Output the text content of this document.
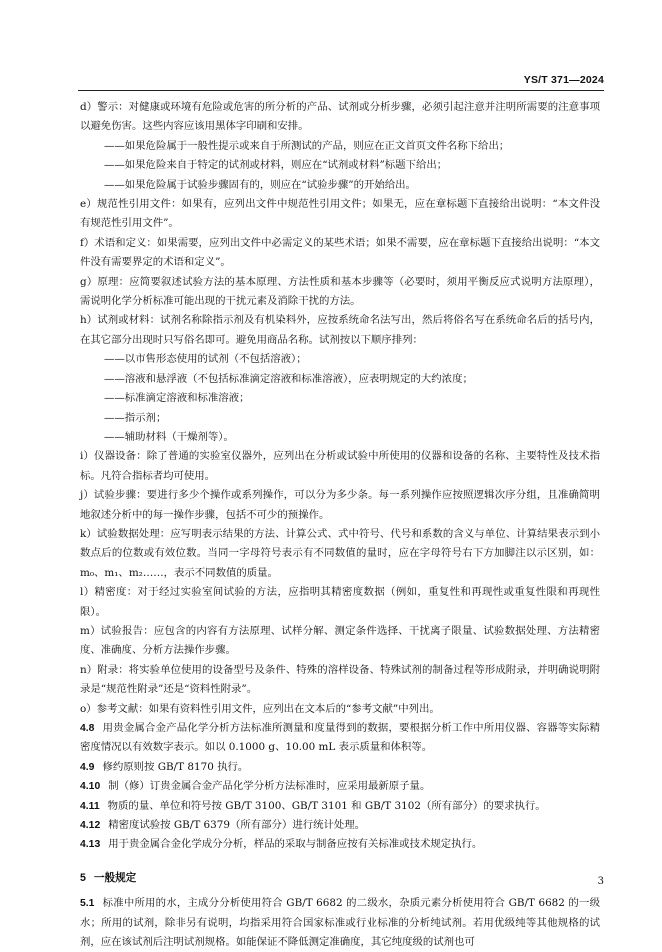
YS/T 371—2024

d）警示：对健康或环境有危险或危害的所分析的产品、试剂或分析步骤，必须引起注意并注明所需要的注意事项以避免伤害。这些内容应该用黑体字印刷和安排。

——如果危险属于一般性提示或来自于所测试的产品，则应在正文首页文件名称下给出；

——如果危险来自于特定的试剂或材料，则应在“试剂或材料”标题下给出；

——如果危险属于试验步骤固有的，则应在“试验步骤”的开始给出。

e）规范性引用文件：如果有，应列出文件中规范性引用文件；如果无，应在章标题下直接给出说明：“本文件没有规范性引用文件”。

f）术语和定义：如果需要，应列出文件中必需定义的某些术语；如果不需要，应在章标题下直接给出说明：“本文件没有需要界定的术语和定义”。

g）原理：应简要叙述试验方法的基本原理、方法性质和基本步骤等（必要时，须用平衡反应式说明方法原理），需说明化学分析标准可能出现的干扰元素及消除干扰的方法。

h）试剂或材料：试剂名称除指示剂及有机染料外，应按系统命名法写出，然后将俗名写在系统命名后的括号内，在其它部分出现时只写俗名即可。避免用商品名称。试剂按以下顺序排列：

——以市售形态使用的试剂（不包括溶液）；

——溶液和悬浮液（不包括标准滴定溶液和标准溶液），应表明规定的大约浓度；

——标准滴定溶液和标准溶液；

——指示剂；

——辅助材料（干燥剂等）。

i）仪器设备：除了普通的实验室仪器外，应列出在分析或试验中所使用的仪器和设备的名称、主要特性及技术指标。凡符合指标者均可使用。

j）试验步骤：要进行多少个操作或系列操作，可以分为多少条。每一系列操作应按照逻辑次序分组，且准确简明地叙述分析中的每一操作步骤，包括不可少的预操作。

k）试验数据处理：应写明表示结果的方法、计算公式、式中符号、代号和系数的含义与单位、计算结果表示到小数点后的位数或有效位数。当同一字母符号表示有不同数值的量时，应在字母符号右下方加脚注以示区别，如：m₀、m₁、m₂……，表示不同数值的质量。

l）精密度：对于经过实验室间试验的方法，应指明其精密度数据（例如，重复性和再现性或重复性限和再现性限）。

m）试验报告：应包含的内容有方法原理、试样分解、测定条件选择、干扰离子限量、试验数据处理、方法精密度、准确度、分析方法操作步骤。

n）附录：将实验单位使用的设备型号及条件、特殊的溶样设备、特殊试剂的制备过程等形成附录，并明确说明附录是“规范性附录”还是“资料性附录”。

o）参考文献：如果有资料性引用文件，应列出在文本后的“参考文献”中列出。

4.8 用贵金属合金产品化学分析方法标准所测量和度量得到的数据，要根据分析工作中所用仪器、容器等实际精密度情况以有效数字表示。如以 0.1000 g、10.00 mL 表示质量和体积等。

4.9 修约原则按 GB/T 8170 执行。

4.10 制（修）订贵金属合金产品化学分析方法标准时，应采用最新原子量。

4.11 物质的量、单位和符号按 GB/T 3100、GB/T 3101 和 GB/T 3102（所有部分）的要求执行。

4.12 精密度试验按 GB/T 6379（所有部分）进行统计处理。

4.13 用于贵金属合金化学成分分析，样品的采取与制备应按有关标准或技术规定执行。

5 一般规定

5.1 标准中所用的水，主成分分析使用符合 GB/T 6682 的二级水，杂质元素分析使用符合 GB/T 6682 的一级水；所用的试剂，除非另有说明，均指采用符合国家标准或行业标准的分析纯试剂。若用优级纯等其他规格的试剂，应在该试剂后注明试剂规格。如能保证不降低测定准确度，其它纯度级的试剂也可

3
